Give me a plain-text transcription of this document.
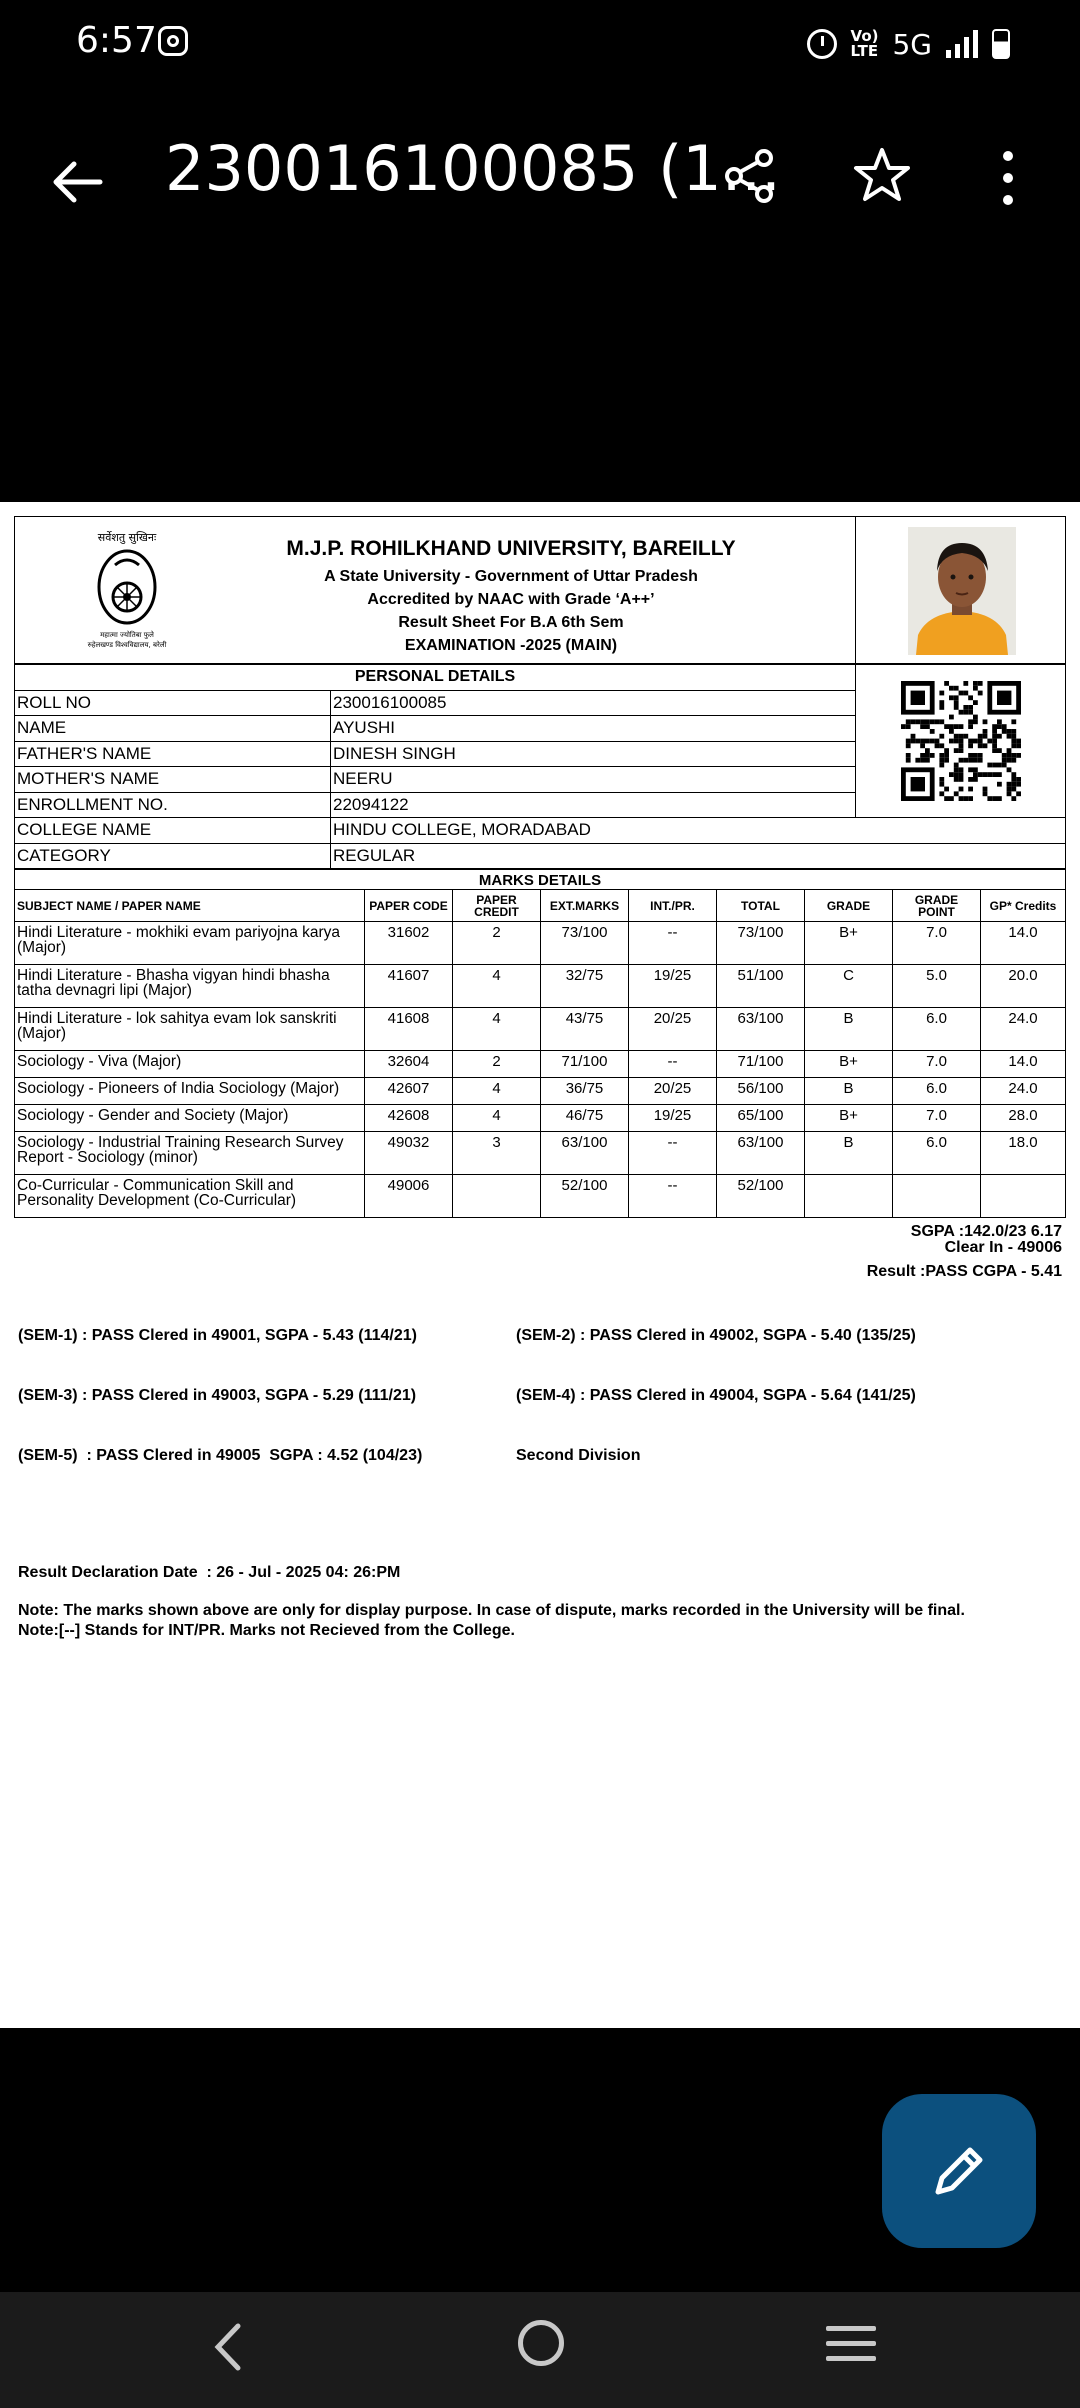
6:57	Vo)
LTE 5G
230016100085 (1...
सर्वेशतु सुखिनः
महात्मा ज्योतिबा फुले
रुहेलखण्ड विश्वविद्यालय, बरेली
M.J.P. ROHILKHAND UNIVERSITY, BAREILLY
A State University - Government of Uttar Pradesh
Accredited by NAAC with Grade ‘A++’
Result Sheet For B.A 6th Sem
EXAMINATION -2025 (MAIN)
PERSONAL DETAILS	

ROLL NO	230016100085	
NAME	AYUSHI	
FATHER'S NAME	DINESH SINGH	
MOTHER'S NAME	NEERU	
ENROLLMENT NO.	22094122	
COLLEGE NAME	HINDU COLLEGE, MORADABAD	
CATEGORY	REGULAR	
MARKS DETAILS								
SUBJECT NAME / PAPER NAME	PAPER CODE	PAPER CREDIT	EXT.MARKS	INT./PR.	TOTAL	GRADE	GRADE POINT	GP* Credits
Hindi Literature - mokhiki evam pariyojna karya (Major)	31602	2	73/100	--	73/100	B+	7.0	14.0
Hindi Literature - Bhasha vigyan hindi bhasha tatha devnagri lipi (Major)	41607	4	32/75	19/25	51/100	C	5.0	20.0
Hindi Literature - lok sahitya evam lok sanskriti (Major)	41608	4	43/75	20/25	63/100	B	6.0	24.0
Sociology - Viva (Major)	32604	2	71/100	--	71/100	B+	7.0	14.0
Sociology - Pioneers of India Sociology (Major)	42607	4	36/75	20/25	56/100	B	6.0	24.0
Sociology - Gender and Society (Major)	42608	4	46/75	19/25	65/100	B+	7.0	28.0
Sociology - Industrial Training Research Survey Report - Sociology (minor)	49032	3	63/100	--	63/100	B	6.0	18.0
Co-Curricular - Communication Skill and Personality Development (Co-Curricular)	49006		52/100	--	52/100			
SGPA :142.0/23 6.17
Clear In - 49006
Result :PASS CGPA - 5.41

(SEM-1) : PASS Clered in 49001, SGPA - 5.43 (114/21)

(SEM-3) : PASS Clered in 49003, SGPA - 5.29 (111/21)

(SEM-5)  : PASS Clered in 49005  SGPA : 4.52 (104/23)

(SEM-2) : PASS Clered in 49002, SGPA - 5.40 (135/25)

(SEM-4) : PASS Clered in 49004, SGPA - 5.64 (141/25)

Second Division

Result Declaration Date  : 26 - Jul - 2025 04: 26:PM
Note: The marks shown above are only for display purpose. In case of dispute, marks recorded in the University will be final.
Note:[--] Stands for INT/PR. Marks not Recieved from the College.
